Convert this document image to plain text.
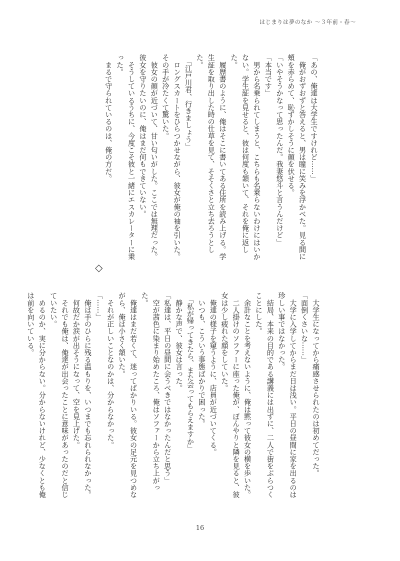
はじまりは夢のなか ～３年前・春～
「あの、俺達は大学生ですけれど……」
　俺がおずおずと答えると、男は瞳に笑みを浮かべた。見る間に頬を赤らめて、恥ずかしそうに顔を伏せる。
「いやそうかなって思ったんだ。我妻悠斗と言うんだけど」
「本当です」
　男から名乗られてしまうと、こちらも名乗らないわけにはいかない。学生証を見せると、彼は何度も頷いて、それを俺に返した。
　履歴書のように、俺はそこに書いてある住所を読み上げる。学生証を取り出した時の仕草を見て、そそくさと立ち去ろうとした。
　「江戸川君、行きましょう」
　ロングスカートをひらつかせながら、彼女が俺の袖を引いた。その手が冷たくて驚いた。
　彼女の顔が近づいて、甘い匂いがした。ここでは無理だった。彼女を守りたいのに、俺はまだ何もできていない。
　そうしているうちに、今度こそ彼と一緒にエスカレーターに乗った。
　まるで守られているのは、俺の方だ。
◇
　大学生になってから痛感させられたのは初めてだった。
「面倒くさいな……」
　大学に入学してからまだ日は浅い。平日の昼間に家を出るのは珍しい事ではなかった。
　結局、本来の目的である講義には出ずに、二人で街をぶらつくことにした。
　余計なことを考えないように、俺は黙って彼女の横を歩いた。
　二人掛けのソファーに座った俺が、ぼんやりと隣を見ると、彼女は少し疲れた顔をしていた。
　俺達の様子を窺うように、店員が近づいてくる。
　いつも、こういう事態ばかりで困った。
　「私が帰ってきたら、また会ってもらえますか」
　静かな声で、彼女は言った。
「私達は、平日の昼間に会うべきではなかったんだと思う」
　空が茜色に染まり始めたころ、俺はソファーから立ち上がった。
　俺達はまだ若くて、迷ってばかりいる。彼女の足元を見つめながら、俺は小さく頷いた。
　それが正しいことなのかは、分からなかった。
「……」
　俺は手のひらに残る温もりを、いつまでも忘れられなかった。
　何故だか涙が出そうになって、空を見上げた。
　それでも俺は、俺達が出会ったことに意味があったのだと信じていたい。
　めるのか、実に分からない。分からないけれど、少なくとも俺は前を向いている。
16
